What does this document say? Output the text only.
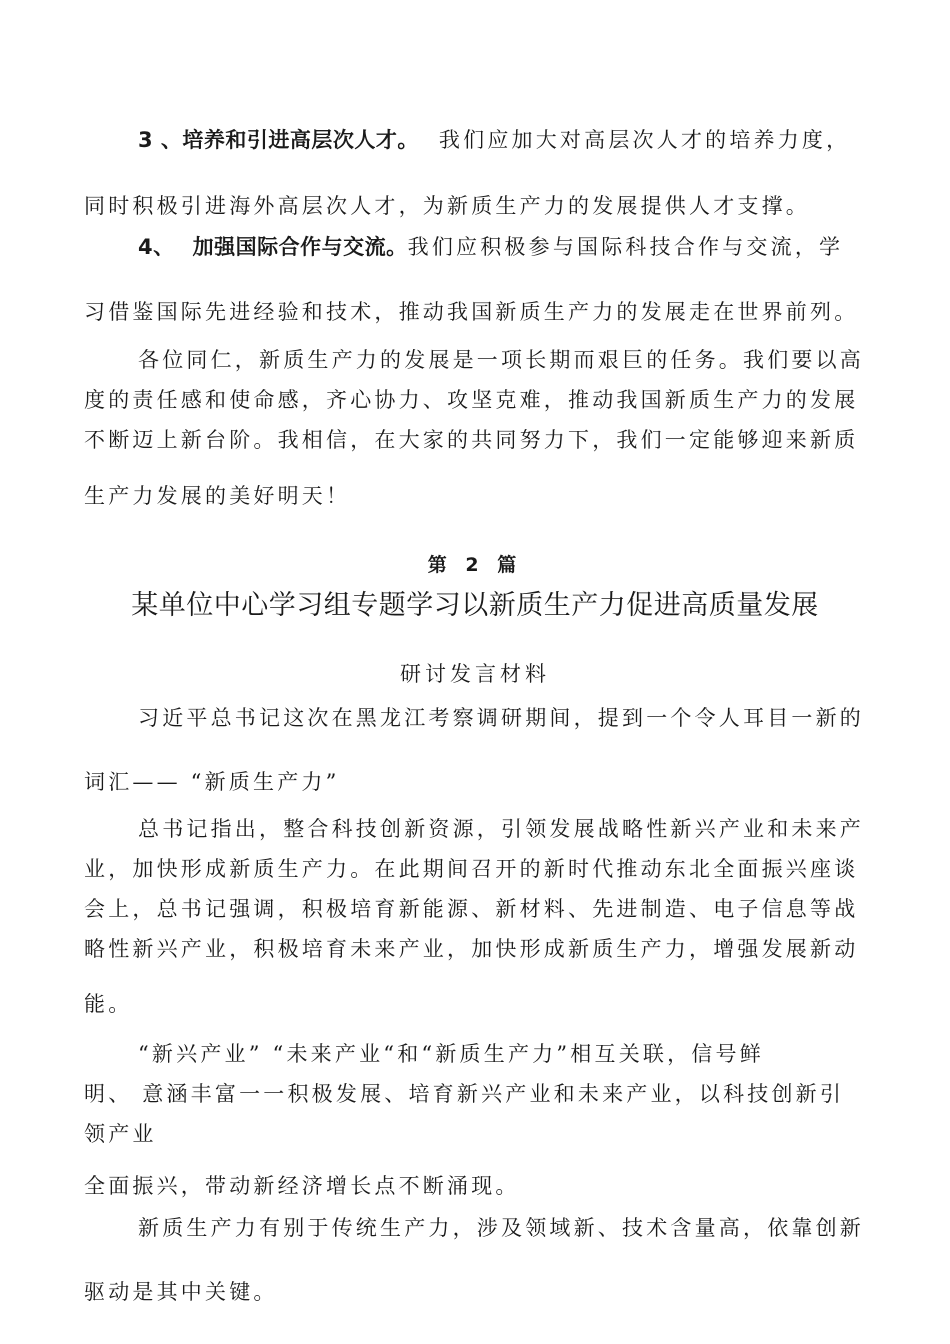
3 、培养和引进高层次人才。 我们应加大对高层次人才的培养力度，
同时积极引进海外高层次人才，为新质生产力的发展提供人才支撑。
4、 加强国际合作与交流。我们应积极参与国际科技合作与交流，学
习借鉴国际先进经验和技术，推动我国新质生产力的发展走在世界前列。
各位同仁，新质生产力的发展是一项长期而艰巨的任务。我们要以高
度的责任感和使命感，齐心协力、攻坚克难，推动我国新质生产力的发展
不断迈上新台阶。我相信，在大家的共同努力下，我们一定能够迎来新质
生产力发展的美好明天！
第 2 篇
某单位中心学习组专题学习以新质生产力促进高质量发展
研讨发言材料
习近平总书记这次在黑龙江考察调研期间，提到一个令人耳目一新的
词汇—— “新质生产力”
总书记指出，整合科技创新资源，引领发展战略性新兴产业和未来产
业，加快形成新质生产力。在此期间召开的新时代推动东北全面振兴座谈
会上，总书记强调，积极培育新能源、新材料、先进制造、电子信息等战
略性新兴产业，积极培育未来产业，加快形成新质生产力，增强发展新动
能。
“新兴产业” “未来产业“和“新质生产力”相互关联，信号鲜
明、 意涵丰富一一积极发展、培育新兴产业和未来产业，以科技创新引
领产业
全面振兴，带动新经济增长点不断涌现。
新质生产力有别于传统生产力，涉及领域新、技术含量高，依靠创新
驱动是其中关键。
